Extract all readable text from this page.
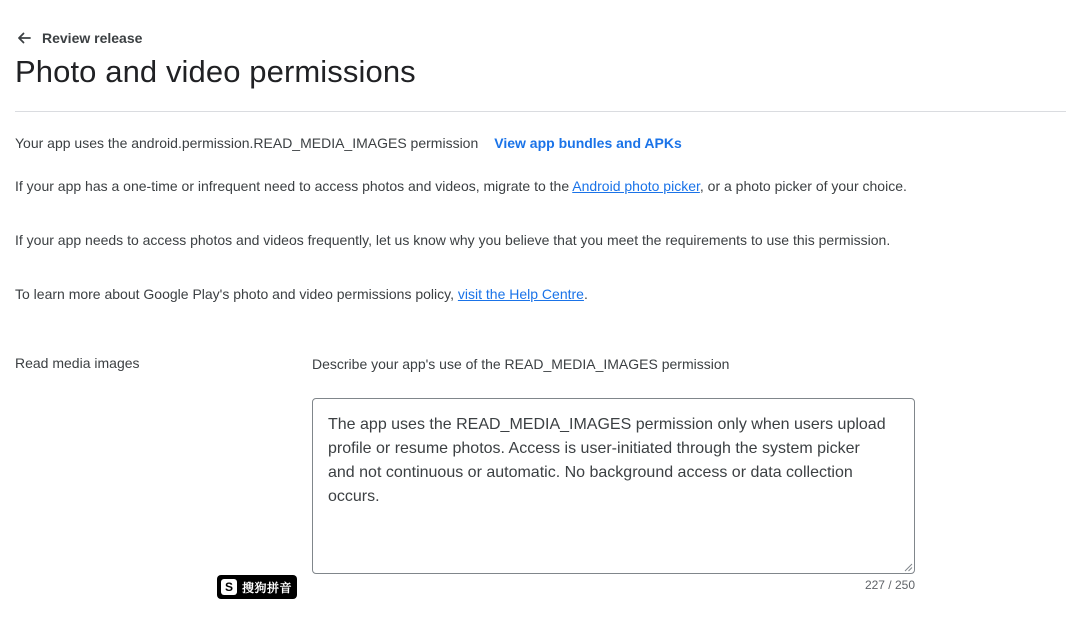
Review release
Photo and video permissions
Your app uses the android.permission.READ_MEDIA_IMAGES permission View app bundles and APKs

If your app has a one-time or infrequent need to access photos and videos, migrate to the Android photo picker, or a photo picker of your choice.

If your app needs to access photos and videos frequently, let us know why you believe that you meet the requirements to use this permission.

To learn more about Google Play's photo and video permissions policy, visit the Help Centre.

Read media images	Describe your app's use of the READ_MEDIA_IMAGES permission
The app uses the READ_MEDIA_IMAGES permission only when users upload profile or resume photos. Access is user-initiated through the system picker and not continuous or automatic. No background access or data collection occurs.
227 / 250
S 搜狗拼音
